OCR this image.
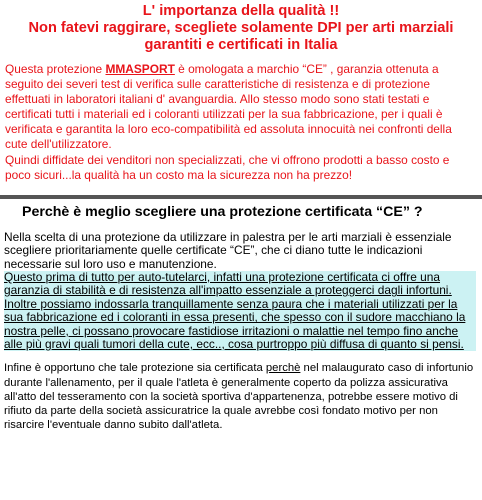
L' importanza della qualità !!
Non fatevi raggirare, scegliete solamente DPI per arti marziali garantiti e certificati in Italia

Questa protezione MMASPORT è omologata a marchio “CE” , garanzia ottenuta a seguito dei severi test di verifica sulle caratteristiche di resistenza e di protezione effettuati in laboratori italiani d' avanguardia. Allo stesso modo sono stati testati e certificati tutti i materiali ed i coloranti utilizzati per la sua fabbricazione, per i quali è verificata e garantita la loro eco-compatibilità ed assoluta innocuità nei confronti della cute dell'utilizzatore.
Quindi diffidate dei venditori non specializzati, che vi offrono prodotti a basso costo e poco sicuri...la qualità ha un costo ma la sicurezza non ha prezzo!

Perchè è meglio scegliere una protezione certificata “CE” ?

Nella scelta di una protezione da utilizzare in palestra per le arti marziali è essenziale scegliere prioritariamente quelle certificate “CE”, che ci diano tutte le indicazioni necessarie sul loro uso e manutenzione.

Questo prima di tutto per auto-tutelarci, infatti una protezione certificata ci offre una garanzia di stabilità e di resistenza all'impatto essenziale a proteggerci dagli infortuni.
Inoltre possiamo indossarla tranquillamente senza paura che i materiali utilizzati per la sua fabbricazione ed i coloranti in essa presenti, che spesso con il sudore macchiano la nostra pelle, ci possano provocare fastidiose irritazioni o malattie nel tempo fino anche alle più gravi quali tumori della cute, ecc.., cosa purtroppo più diffusa di quanto si pensi.

Infine è opportuno che tale protezione sia certificata perchè nel malaugurato caso di infortunio durante l'allenamento, per il quale l'atleta è generalmente coperto da polizza assicurativa all'atto del tesseramento con la società sportiva d'appartenenza, potrebbe essere motivo di rifiuto da parte della società assicuratrice la quale avrebbe così fondato motivo per non risarcire l'eventuale danno subito dall'atleta.
